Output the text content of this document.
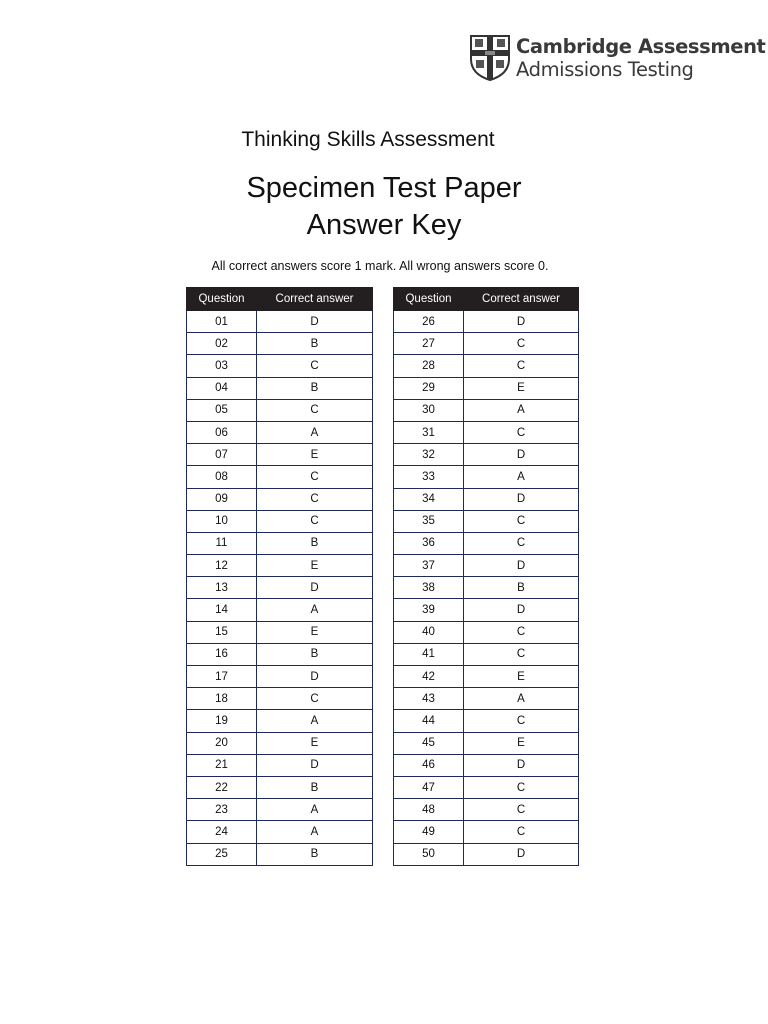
Cambridge Assessment
Admissions Testing
Thinking Skills Assessment
Specimen Test Paper
Answer Key
All correct answers score 1 mark. All wrong answers score 0.
Question	Correct answer
01	D
02	B
03	C
04	B
05	C
06	A
07	E
08	C
09	C
10	C
11	B
12	E
13	D
14	A
15	E
16	B
17	D
18	C
19	A
20	E
21	D
22	B
23	A
24	A
25	B
Question	Correct answer
26	D
27	C
28	C
29	E
30	A
31	C
32	D
33	A
34	D
35	C
36	C
37	D
38	B
39	D
40	C
41	C
42	E
43	A
44	C
45	E
46	D
47	C
48	C
49	C
50	D
